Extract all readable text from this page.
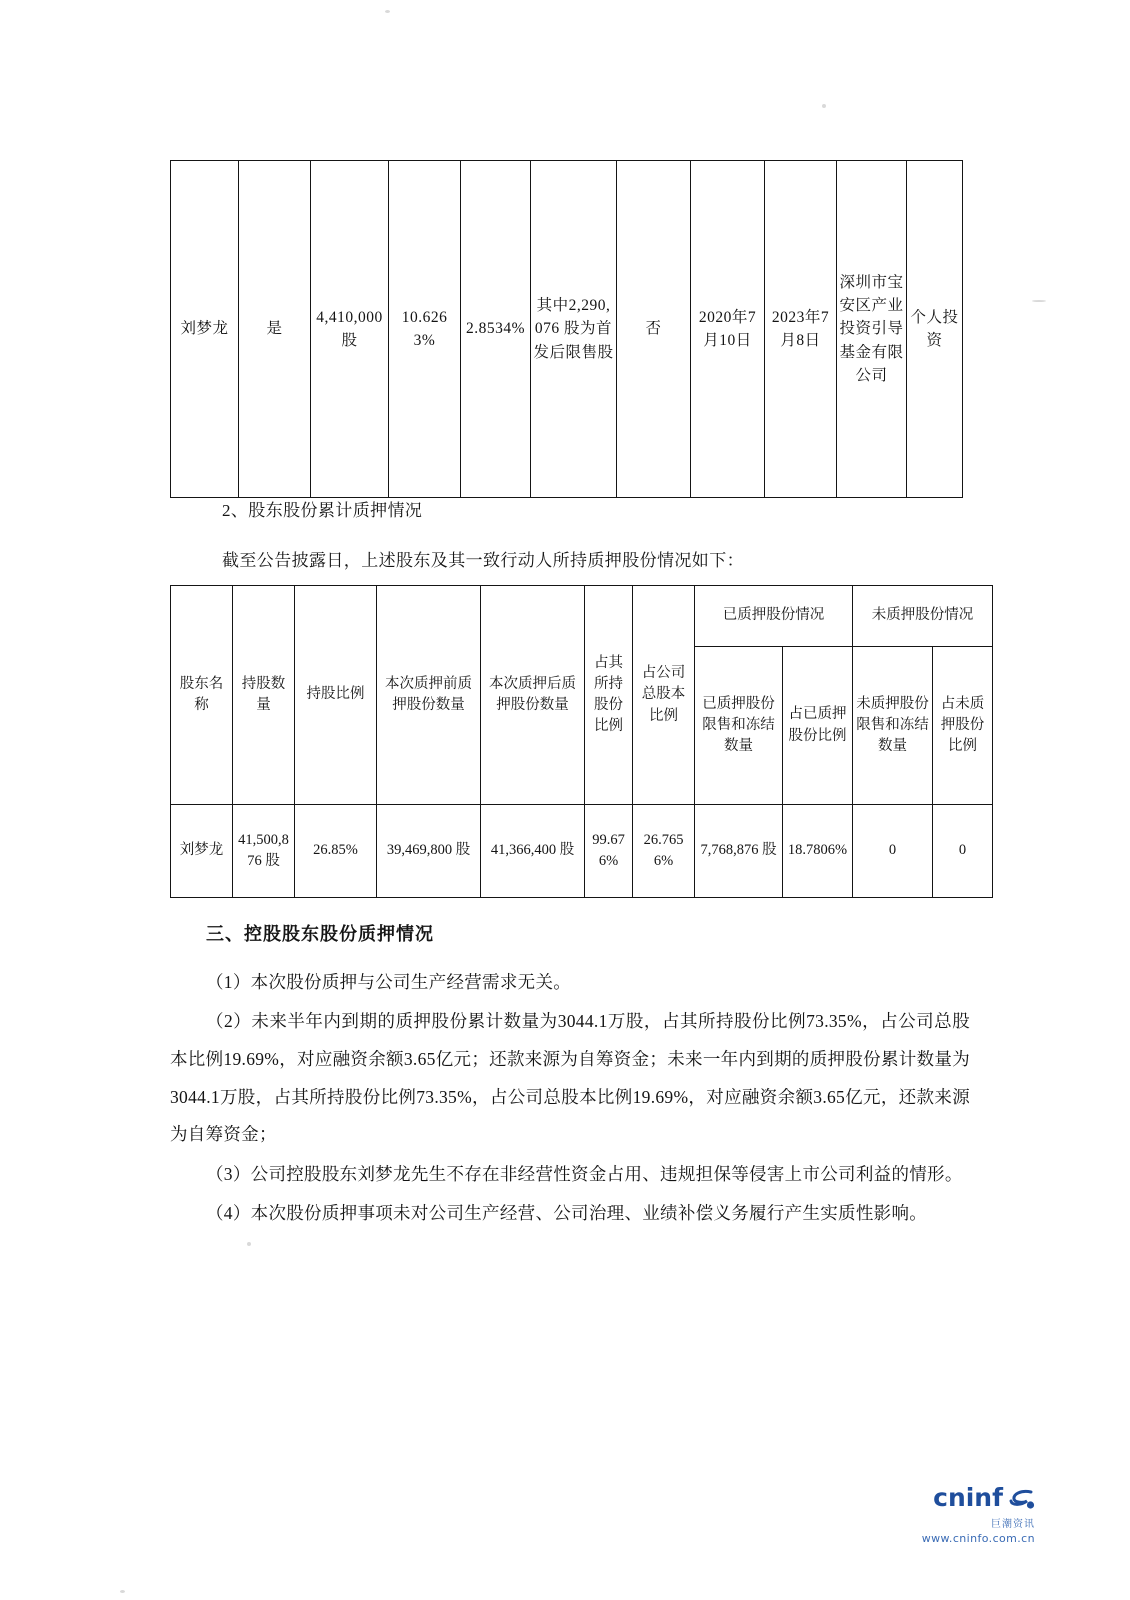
刘梦龙	是	4,410,000 股	10.6263%	2.8534%	其中2,290,076 股为首发后限售股	否	2020年7月10日	2023年7月8日	深圳市宝安区产业投资引导基金有限公司	个人投资
2、股东股份累计质押情况
截至公告披露日，上述股东及其一致行动人所持质押股份情况如下：
股东名称	持股数量	持股比例	本次质押前质押股份数量	本次质押后质押股份数量	占其所持股份比例	占公司总股本比例	已质押股份情况		未质押股份情况	
							已质押股份限售和冻结数量	占已质押股份比例	未质押股份限售和冻结数量	占未质押股份比例
刘梦龙	41,500,876 股	26.85%	39,469,800 股	41,366,400 股	99.676%	26.7656%	7,768,876 股	18.7806%	0	0
三、控股股东股份质押情况

（1）本次股份质押与公司生产经营需求无关。

（2）未来半年内到期的质押股份累计数量为3044.1万股，占其所持股份比例73.35%，占公司总股本比例19.69%，对应融资余额3.65亿元；还款来源为自筹资金；未来一年内到期的质押股份累计数量为3044.1万股，占其所持股份比例73.35%，占公司总股本比例19.69%，对应融资余额3.65亿元，还款来源为自筹资金；

（3）公司控股股东刘梦龙先生不存在非经营性资金占用、违规担保等侵害上市公司利益的情形。

（4）本次股份质押事项未对公司生产经营、公司治理、业绩补偿义务履行产生实质性影响。

cninf
巨潮资讯
www.cninfo.com.cn
